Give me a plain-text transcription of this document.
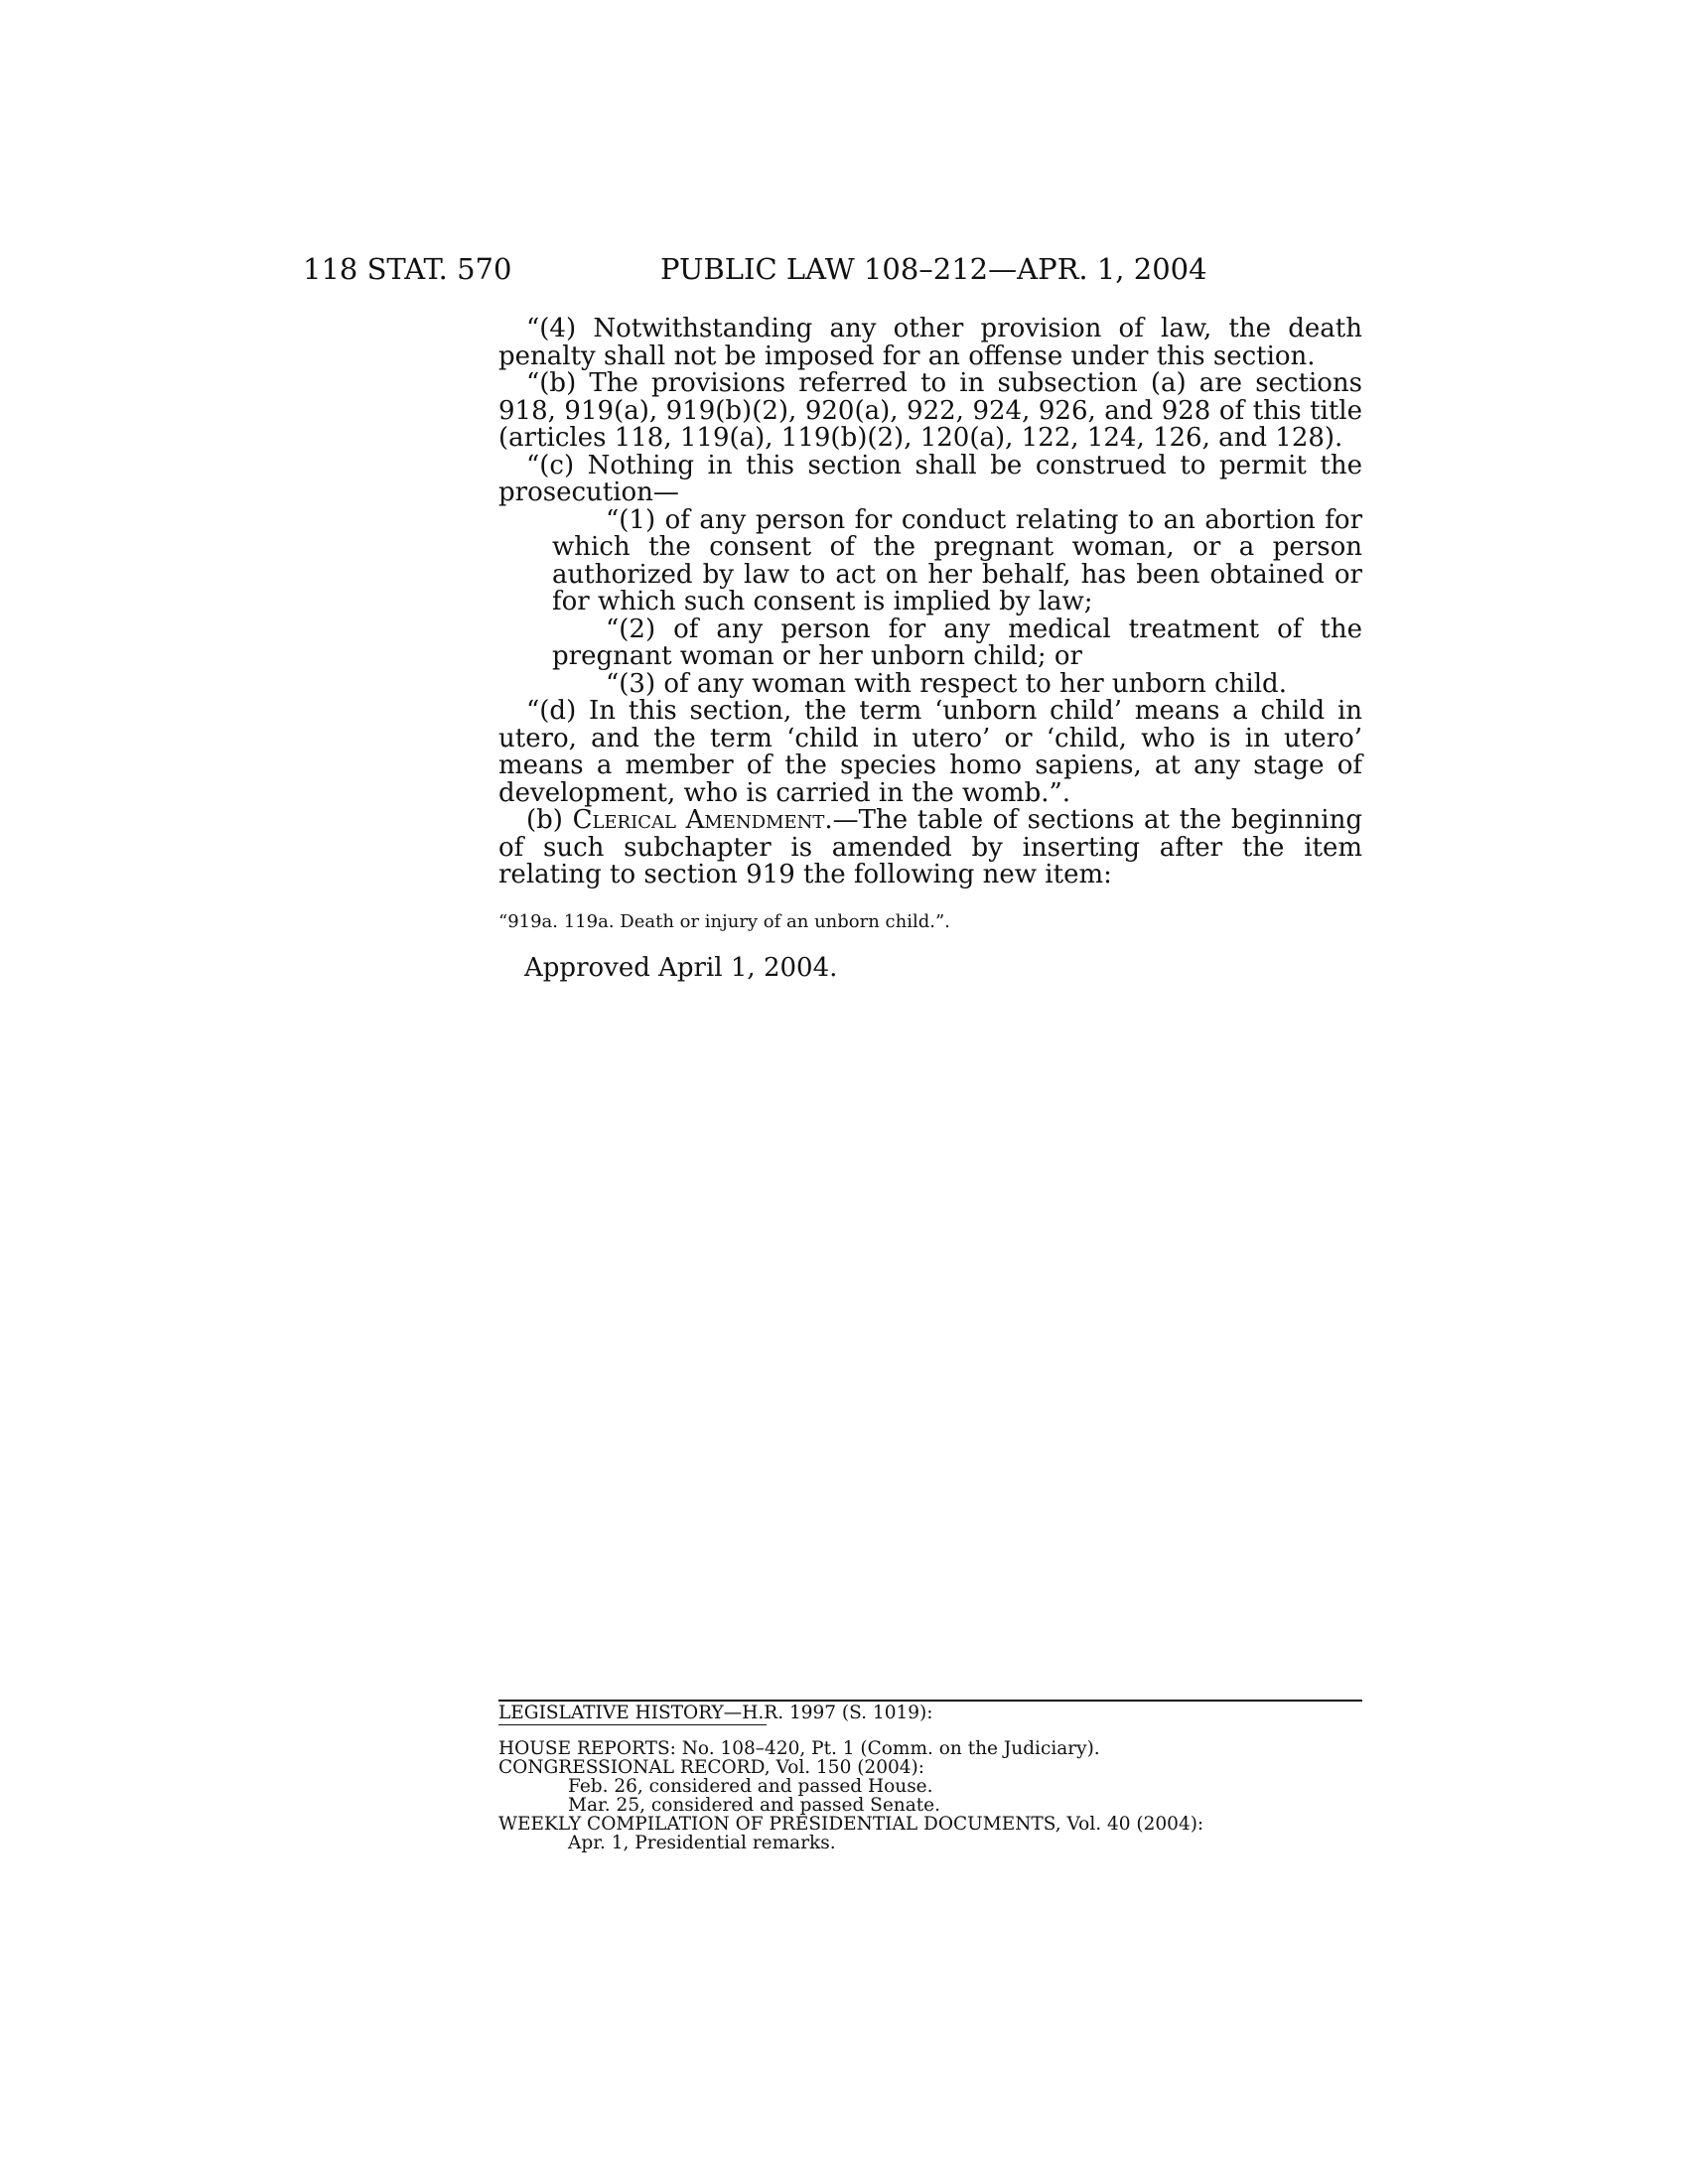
118 STAT. 570	PUBLIC LAW 108–212—APR. 1, 2004

“(4) Notwithstanding any other provision of law, the death penalty shall not be imposed for an offense under this section.

“(b) The provisions referred to in subsection (a) are sections 918, 919(a), 919(b)(2), 920(a), 922, 924, 926, and 928 of this title (articles 118, 119(a), 119(b)(2), 120(a), 122, 124, 126, and 128).

“(c) Nothing in this section shall be construed to permit the prosecution—

“(1) of any person for conduct relating to an abortion for which the consent of the pregnant woman, or a person authorized by law to act on her behalf, has been obtained or for which such consent is implied by law;

“(2) of any person for any medical treatment of the pregnant woman or her unborn child; or

“(3) of any woman with respect to her unborn child.

“(d) In this section, the term ‘unborn child’ means a child in utero, and the term ‘child in utero’ or ‘child, who is in utero’ means a member of the species homo sapiens, at any stage of development, who is carried in the womb.”.

(b) Clerical Amendment.—The table of sections at the beginning of such subchapter is amended by inserting after the item relating to section 919 the following new item:

“919a. 119a. Death or injury of an unborn child.”.
Approved April 1, 2004.
LEGISLATIVE HISTORY—H.R. 1997 (S. 1019):
HOUSE REPORTS: No. 108–420, Pt. 1 (Comm. on the Judiciary).
CONGRESSIONAL RECORD, Vol. 150 (2004):
Feb. 26, considered and passed House.
Mar. 25, considered and passed Senate.
WEEKLY COMPILATION OF PRESIDENTIAL DOCUMENTS, Vol. 40 (2004):
Apr. 1, Presidential remarks.
